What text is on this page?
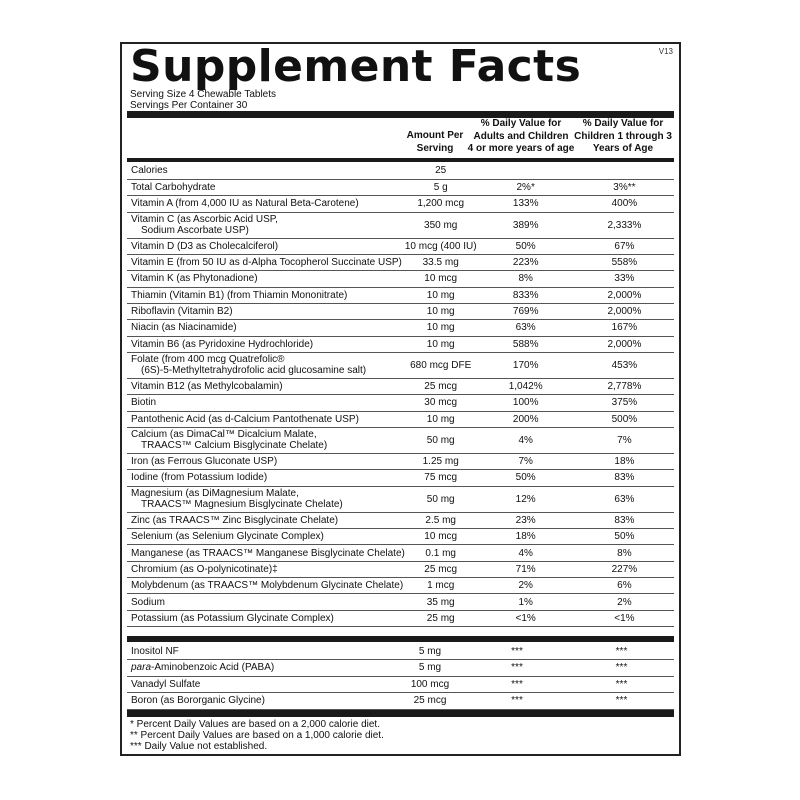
V13
Supplement Facts
Serving Size 4 Chewable Tablets
Servings Per Container 30
Amount Per
Serving
% Daily Value for
Adults and Children
4 or more years of age
% Daily Value for
Children 1 through 3
Years of Age
Calories	25		
Total Carbohydrate	5 g	2%*	3%**
Vitamin A (from 4,000 IU as Natural Beta-Carotene)	1,200 mcg	133%	400%
Vitamin C (as Ascorbic Acid USP,
Sodium Ascorbate USP)	350 mg	389%	2,333%
Vitamin D (D3 as Cholecalciferol)	10 mcg (400 IU)	50%	67%
Vitamin E (from 50 IU as d-Alpha Tocopherol Succinate USP)	33.5 mg	223%	558%
Vitamin K (as Phytonadione)	10 mcg	8%	33%
Thiamin (Vitamin B1) (from Thiamin Mononitrate)	10 mg	833%	2,000%
Riboflavin (Vitamin B2)	10 mg	769%	2,000%
Niacin (as Niacinamide)	10 mg	63%	167%
Vitamin B6 (as Pyridoxine Hydrochloride)	10 mg	588%	2,000%
Folate (from 400 mcg Quatrefolic®
(6S)-5-Methyltetrahydrofolic acid glucosamine salt)	680 mcg DFE	170%	453%
Vitamin B12 (as Methylcobalamin)	25 mcg	1,042%	2,778%
Biotin	30 mcg	100%	375%
Pantothenic Acid (as d-Calcium Pantothenate USP)	10 mg	200%	500%
Calcium (as DimaCal™ Dicalcium Malate,
TRAACS™ Calcium Bisglycinate Chelate)	50 mg	4%	7%
Iron (as Ferrous Gluconate USP)	1.25 mg	7%	18%
Iodine (from Potassium Iodide)	75 mcg	50%	83%
Magnesium (as DiMagnesium Malate,
TRAACS™ Magnesium Bisglycinate Chelate)	50 mg	12%	63%
Zinc (as TRAACS™ Zinc Bisglycinate Chelate)	2.5 mg	23%	83%
Selenium (as Selenium Glycinate Complex)	10 mcg	18%	50%
Manganese (as TRAACS™ Manganese Bisglycinate Chelate)	0.1 mg	4%	8%
Chromium (as O-polynicotinate)‡	25 mcg	71%	227%
Molybdenum (as TRAACS™ Molybdenum Glycinate Chelate)	1 mcg	2%	6%
Sodium	35 mg	1%	2%
Potassium (as Potassium Glycinate Complex)	25 mg	<1%	<1%
Inositol NF	5 mg	***	***
para-Aminobenzoic Acid (PABA)	5 mg	***	***
Vanadyl Sulfate	100 mcg	***	***
Boron (as Bororganic Glycine)	25 mcg	***	***
* Percent Daily Values are based on a 2,000 calorie diet.
** Percent Daily Values are based on a 1,000 calorie diet.
*** Daily Value not established.
